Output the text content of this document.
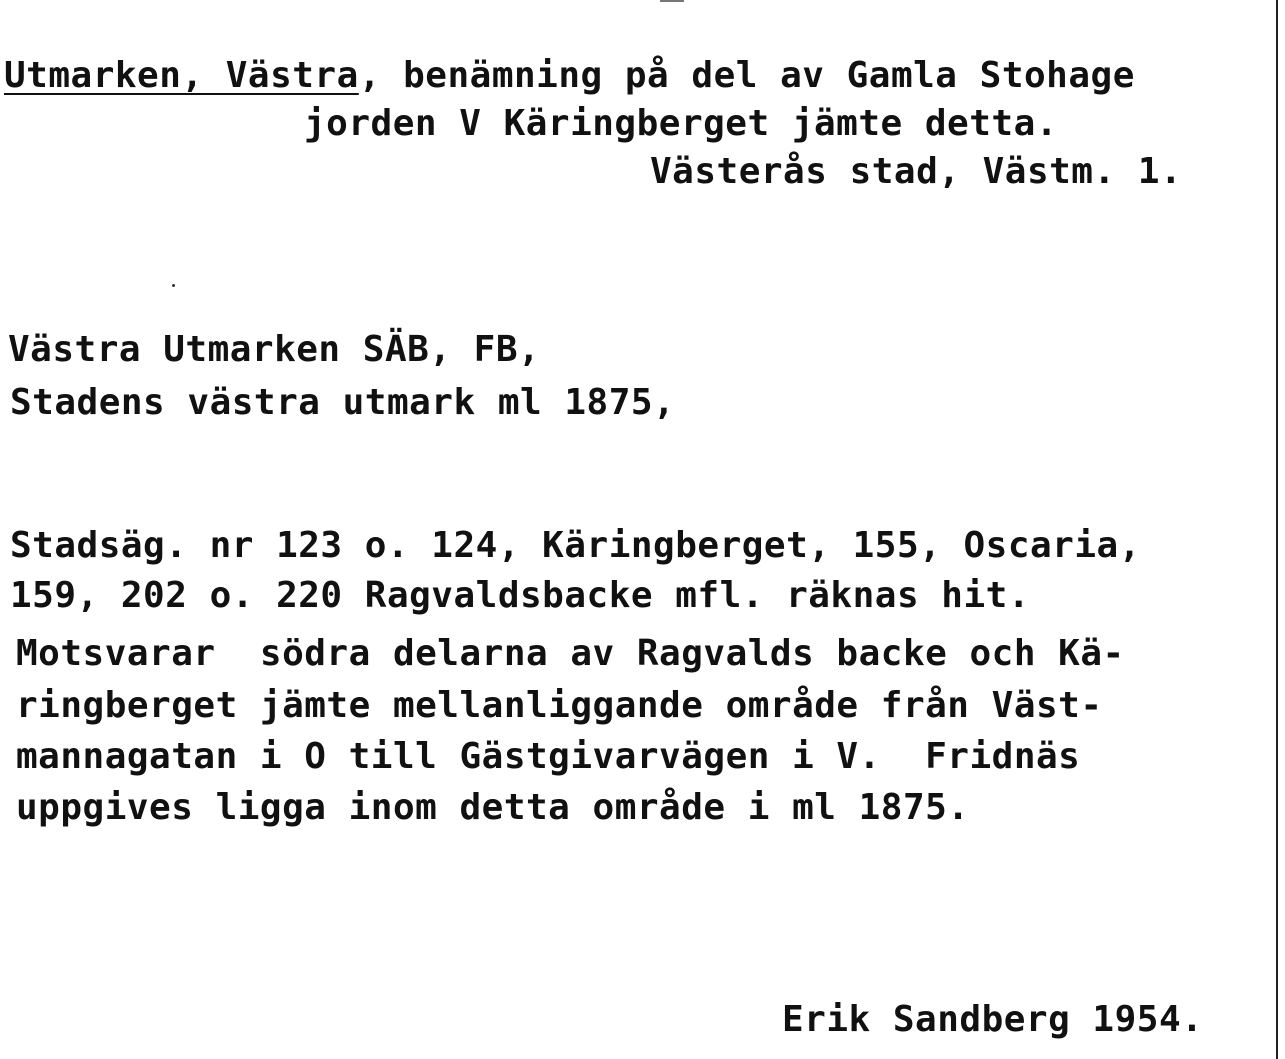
Utmarken, Västra, benämning på del av Gamla Stohage
jorden V Käringberget jämte detta.
Västerås stad, Västm. 1.
Västra Utmarken SÄB, FB,
Stadens västra utmark ml 1875,
Stadsäg. nr 123 o. 124, Käringberget, 155, Oscaria,
159, 202 o. 220 Ragvaldsbacke mfl. räknas hit.
Motsvarar  södra delarna av Ragvalds backe och Kä-
ringberget jämte mellanliggande område från Väst-
mannagatan i O till Gästgivarvägen i V.  Fridnäs
uppgives ligga inom detta område i ml 1875.
Erik Sandberg 1954.
